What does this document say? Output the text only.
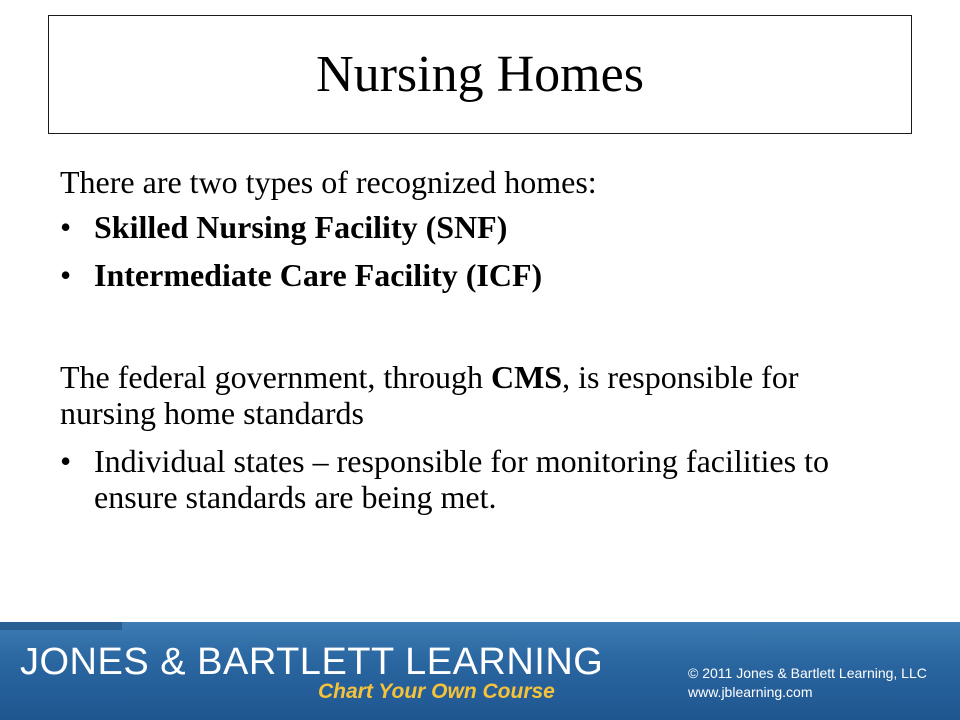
Nursing Homes

There are two types of recognized homes:

• Skilled Nursing Facility (SNF)
• Intermediate Care Facility (ICF)

The federal government, through CMS, is responsible for nursing home standards

• Individual states – responsible for monitoring facilities to ensure standards are being met.
JONES & BARTLETT LEARNING
Chart Your Own Course
© 2011 Jones & Bartlett Learning, LLC
www.jblearning.com
